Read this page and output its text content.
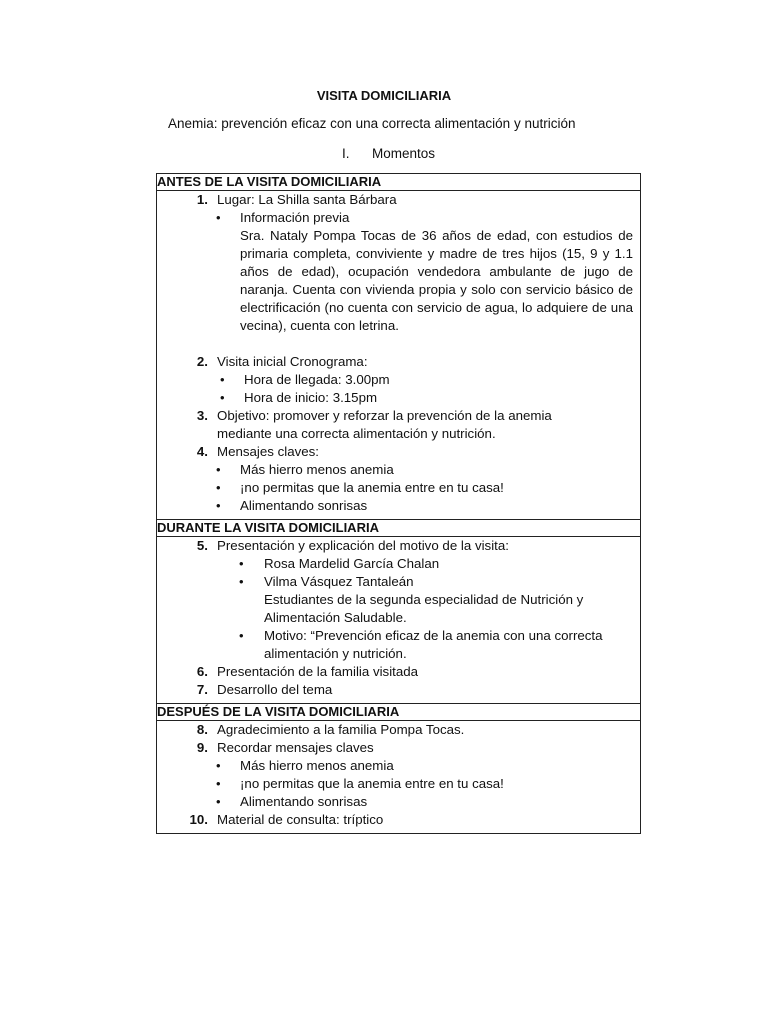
VISITA DOMICILIARIA
Anemia: prevención eficaz con una correcta alimentación y nutrición
I. Momentos
ANTES DE LA VISITA DOMICILIARIA

1. Lugar: La Shilla santa Bárbara
• Información previa
Sra. Nataly Pompa Tocas de 36 años de edad, con estudios de primaria completa, conviviente y madre de tres hijos (15, 9 y 1.1 años de edad), ocupación vendedora ambulante de jugo de naranja. Cuenta con vivienda propia y solo con servicio básico de electrificación (no cuenta con servicio de agua, lo adquiere de una vecina), cuenta con letrina.
2. Visita inicial Cronograma:
• Hora de llegada: 3.00pm
• Hora de inicio: 3.15pm
3. Objetivo: promover y reforzar la prevención de la anemia
mediante una correcta alimentación y nutrición.
4. Mensajes claves:
• Más hierro menos anemia
• ¡no permitas que la anemia entre en tu casa!
• Alimentando sonrisas

DURANTE LA VISITA DOMICILIARIA

5. Presentación y explicación del motivo de la visita:
• Rosa Mardelid García Chalan
• Vilma Vásquez Tantaleán
Estudiantes de la segunda especialidad de Nutrición y
Alimentación Saludable.
• Motivo: “Prevención eficaz de la anemia con una correcta
alimentación y nutrición.
6. Presentación de la familia visitada
7. Desarrollo del tema

DESPUÉS DE LA VISITA DOMICILIARIA

8. Agradecimiento a la familia Pompa Tocas.
9. Recordar mensajes claves
• Más hierro menos anemia
• ¡no permitas que la anemia entre en tu casa!
• Alimentando sonrisas
10. Material de consulta: tríptico
